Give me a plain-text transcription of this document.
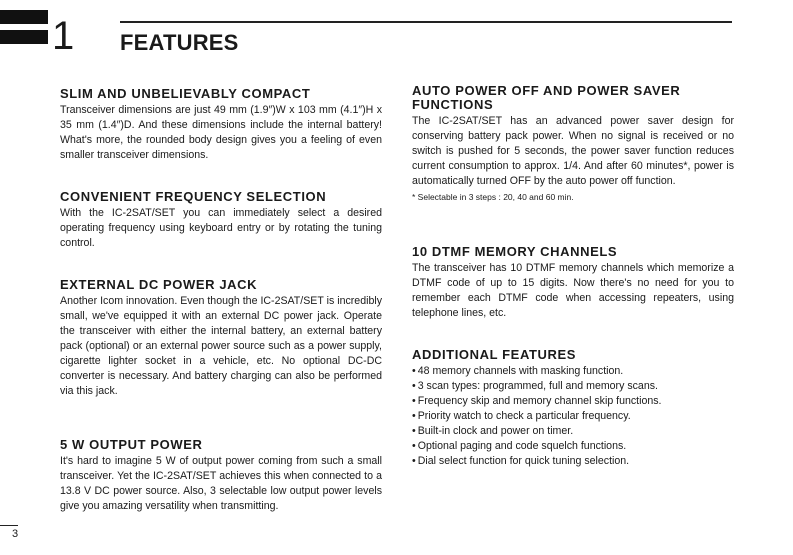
1 FEATURES
SLIM AND UNBELIEVABLY COMPACT

Transceiver dimensions are just 49 mm (1.9″)W x 103 mm (4.1″)H x 35 mm (1.4″)D. And these dimensions include the internal battery! What's more, the rounded body design gives you a feeling of even smaller transceiver dimensions.

CONVENIENT FREQUENCY SELECTION

With the IC-2SAT/SET you can immediately select a desired operating frequency using keyboard entry or by rotating the tuning control.

EXTERNAL DC POWER JACK

Another Icom innovation. Even though the IC-2SAT/SET is incredibly small, we've equipped it with an external DC power jack. Operate the transceiver with either the internal battery, an external battery pack (optional) or an external power source such as a power supply, cigarette lighter socket in a vehicle, etc. No optional DC-DC converter is necessary. And battery charging can also be performed via this jack.

5 W OUTPUT POWER

It's hard to imagine 5 W of output power coming from such a small transceiver. Yet the IC-2SAT/SET achieves this when connected to a 13.8 V DC power source. Also, 3 selectable low output power levels give you amazing versatility when transmitting.

AUTO POWER OFF AND POWER SAVER FUNCTIONS

The IC-2SAT/SET has an advanced power saver design for conserving battery pack power. When no signal is received or no switch is pushed for 5 seconds, the power saver function reduces current consumption to approx. 1/4. And after 60 minutes*, power is automatically turned OFF by the auto power off function.

* Selectable in 3 steps : 20, 40 and 60 min.
10 DTMF MEMORY CHANNELS

The transceiver has 10 DTMF memory channels which memorize a DTMF code of up to 15 digits. Now there's no need for you to remember each DTMF code when accessing repeaters, using telephone lines, etc.

ADDITIONAL FEATURES
• 48 memory channels with masking function.
• 3 scan types: programmed, full and memory scans.
• Frequency skip and memory channel skip functions.
• Priority watch to check a particular frequency.
• Built-in clock and power on timer.
• Optional paging and code squelch functions.
• Dial select function for quick tuning selection.
3
